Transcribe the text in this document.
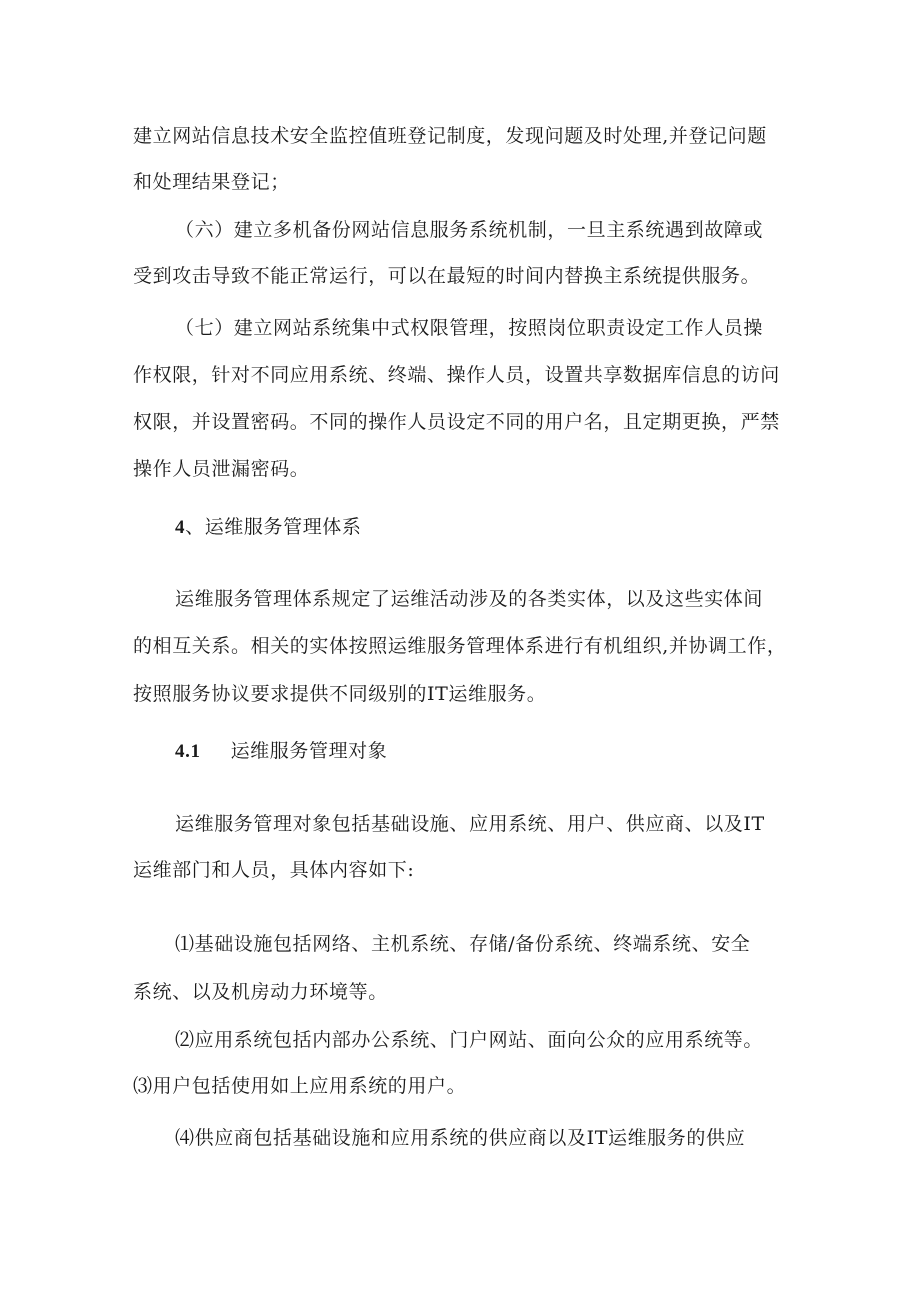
建立网站信息技术安全监控值班登记制度，发现问题及时处理,并登记问题
和处理结果登记；
（六）建立多机备份网站信息服务系统机制，一旦主系统遇到故障或
受到攻击导致不能正常运行，可以在最短的时间内替换主系统提供服务。
（七）建立网站系统集中式权限管理，按照岗位职责设定工作人员操
作权限，针对不同应用系统、终端、操作人员，设置共享数据库信息的访问
权限，并设置密码。不同的操作人员设定不同的用户名，且定期更换，严禁
操作人员泄漏密码。
4、运维服务管理体系
运维服务管理体系规定了运维活动涉及的各类实体，以及这些实体间
的相互关系。相关的实体按照运维服务管理体系进行有机组织,并协调工作，
按照服务协议要求提供不同级别的IT运维服务。
4.1 运维服务管理对象
运维服务管理对象包括基础设施、应用系统、用户、供应商、以及IT
运维部门和人员，具体内容如下:
⑴基础设施包括网络、主机系统、存储/备份系统、终端系统、安全
系统、以及机房动力环境等。
⑵应用系统包括内部办公系统、门户网站、面向公众的应用系统等。
⑶用户包括使用如上应用系统的用户。
⑷供应商包括基础设施和应用系统的供应商以及IT运维服务的供应
